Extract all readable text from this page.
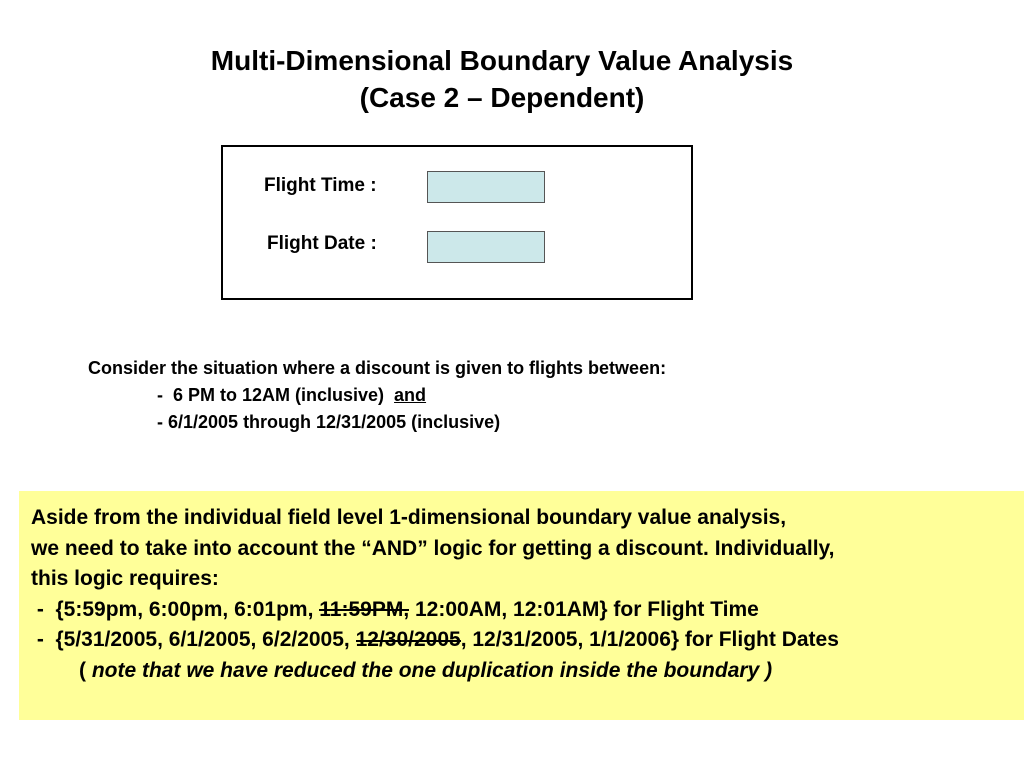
Multi-Dimensional Boundary Value Analysis
(Case 2 – Dependent)
Flight Time :
Flight Date :
Consider the situation where a discount is given to flights between:
-  6 PM to 12AM (inclusive)  and
- 6/1/2005 through 12/31/2005 (inclusive)
Aside from the individual field level 1-dimensional boundary value analysis,
we need to take into account the “AND” logic for getting a discount. Individually,
this logic requires:
-  {5:59pm, 6:00pm, 6:01pm, 11:59PM, 12:00AM, 12:01AM} for Flight Time
-  {5/31/2005, 6/1/2005, 6/2/2005, 12/30/2005, 12/31/2005, 1/1/2006} for Flight Dates
( note that we have reduced the one duplication inside the boundary )
